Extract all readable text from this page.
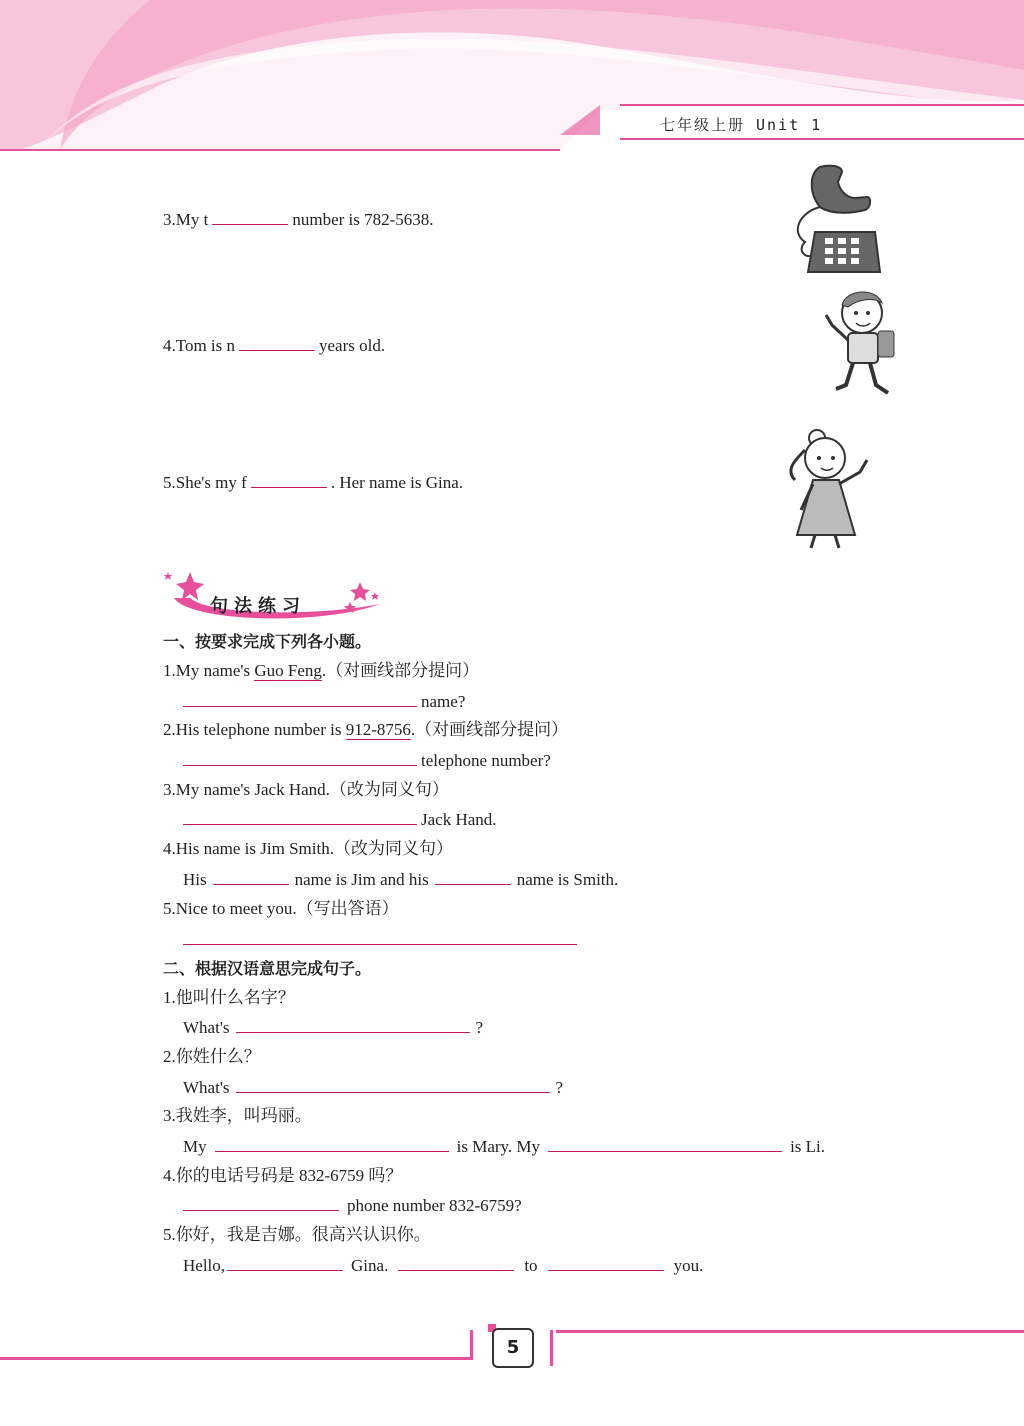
七年级上册 Unit 1
3.My t	number is 782-5638.
4.Tom is n	years old.
5.She's my f	. Her name is Gina.
句法练习
一、按要求完成下列各小题。
1.My name's Guo Feng.（对画线部分提问）
name?
2.His telephone number is 912-8756.（对画线部分提问）
telephone number?
3.My name's Jack Hand.（改为同义句）
Jack Hand.
4.His name is Jim Smith.（改为同义句）
His	name is Jim and his	name is Smith.
5.Nice to meet you.（写出答语）
二、根据汉语意思完成句子。
1.他叫什么名字？
What's	?
2.你姓什么？
What's	?
3.我姓李，叫玛丽。
My	is Mary. My	is Li.
4.你的电话号码是 832-6759 吗？
phone number 832-6759?
5.你好，我是吉娜。很高兴认识你。
Hello,	Gina.	to	you.
5
